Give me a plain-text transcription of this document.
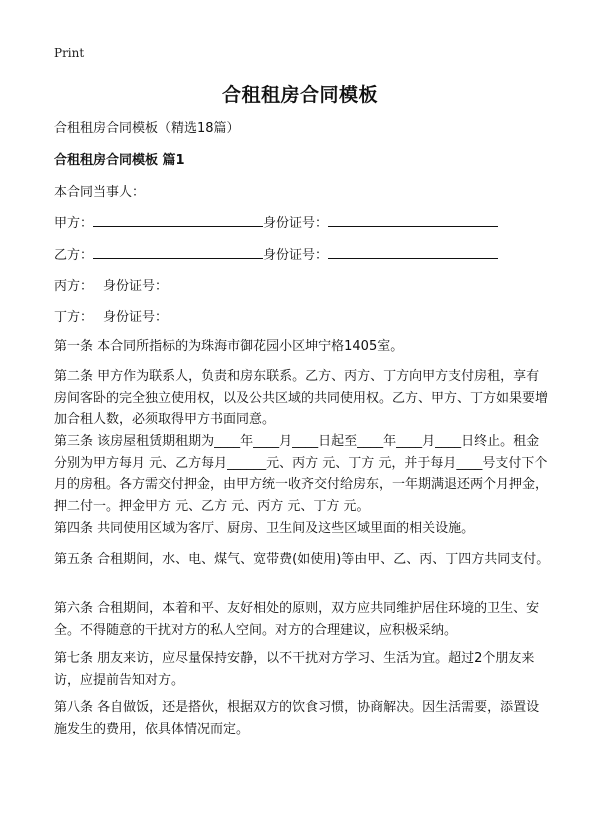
Print
合租租房合同模板
合租租房合同模板（精选18篇）
合租租房合同模板 篇1
本合同当事人：
甲方：	身份证号：
乙方：	身份证号：
丙方： 身份证号：
丁方： 身份证号：
第一条 本合同所指标的为珠海市御花园小区坤宁格1405室。
第二条 甲方作为联系人，负责和房东联系。乙方、丙方、丁方向甲方支付房租，享有房间客卧的完全独立使用权，以及公共区域的共同使用权。乙方、甲方、丁方如果要增加合租人数，必须取得甲方书面同意。
第三条 该房屋租赁期租期为____年____月____日起至____年____月____日终止。租金分别为甲方每月 元、乙方每月______元、丙方 元、丁方 元，并于每月____号支付下个月的房租。各方需交付押金，由甲方统一收齐交付给房东，一年期满退还两个月押金，押二付一。押金甲方 元、乙方 元、丙方 元、丁方 元。
第四条 共同使用区域为客厅、厨房、卫生间及这些区域里面的相关设施。
第五条 合租期间，水、电、煤气、宽带费(如使用)等由甲、乙、丙、丁四方共同支付。
第六条 合租期间，本着和平、友好相处的原则，双方应共同维护居住环境的卫生、安全。不得随意的干扰对方的私人空间。对方的合理建议，应积极采纳。
第七条 朋友来访，应尽量保持安静，以不干扰对方学习、生活为宜。超过2个朋友来访，应提前告知对方。
第八条 各自做饭，还是搭伙，根据双方的饮食习惯，协商解决。因生活需要，添置设施发生的费用，依具体情况而定。
